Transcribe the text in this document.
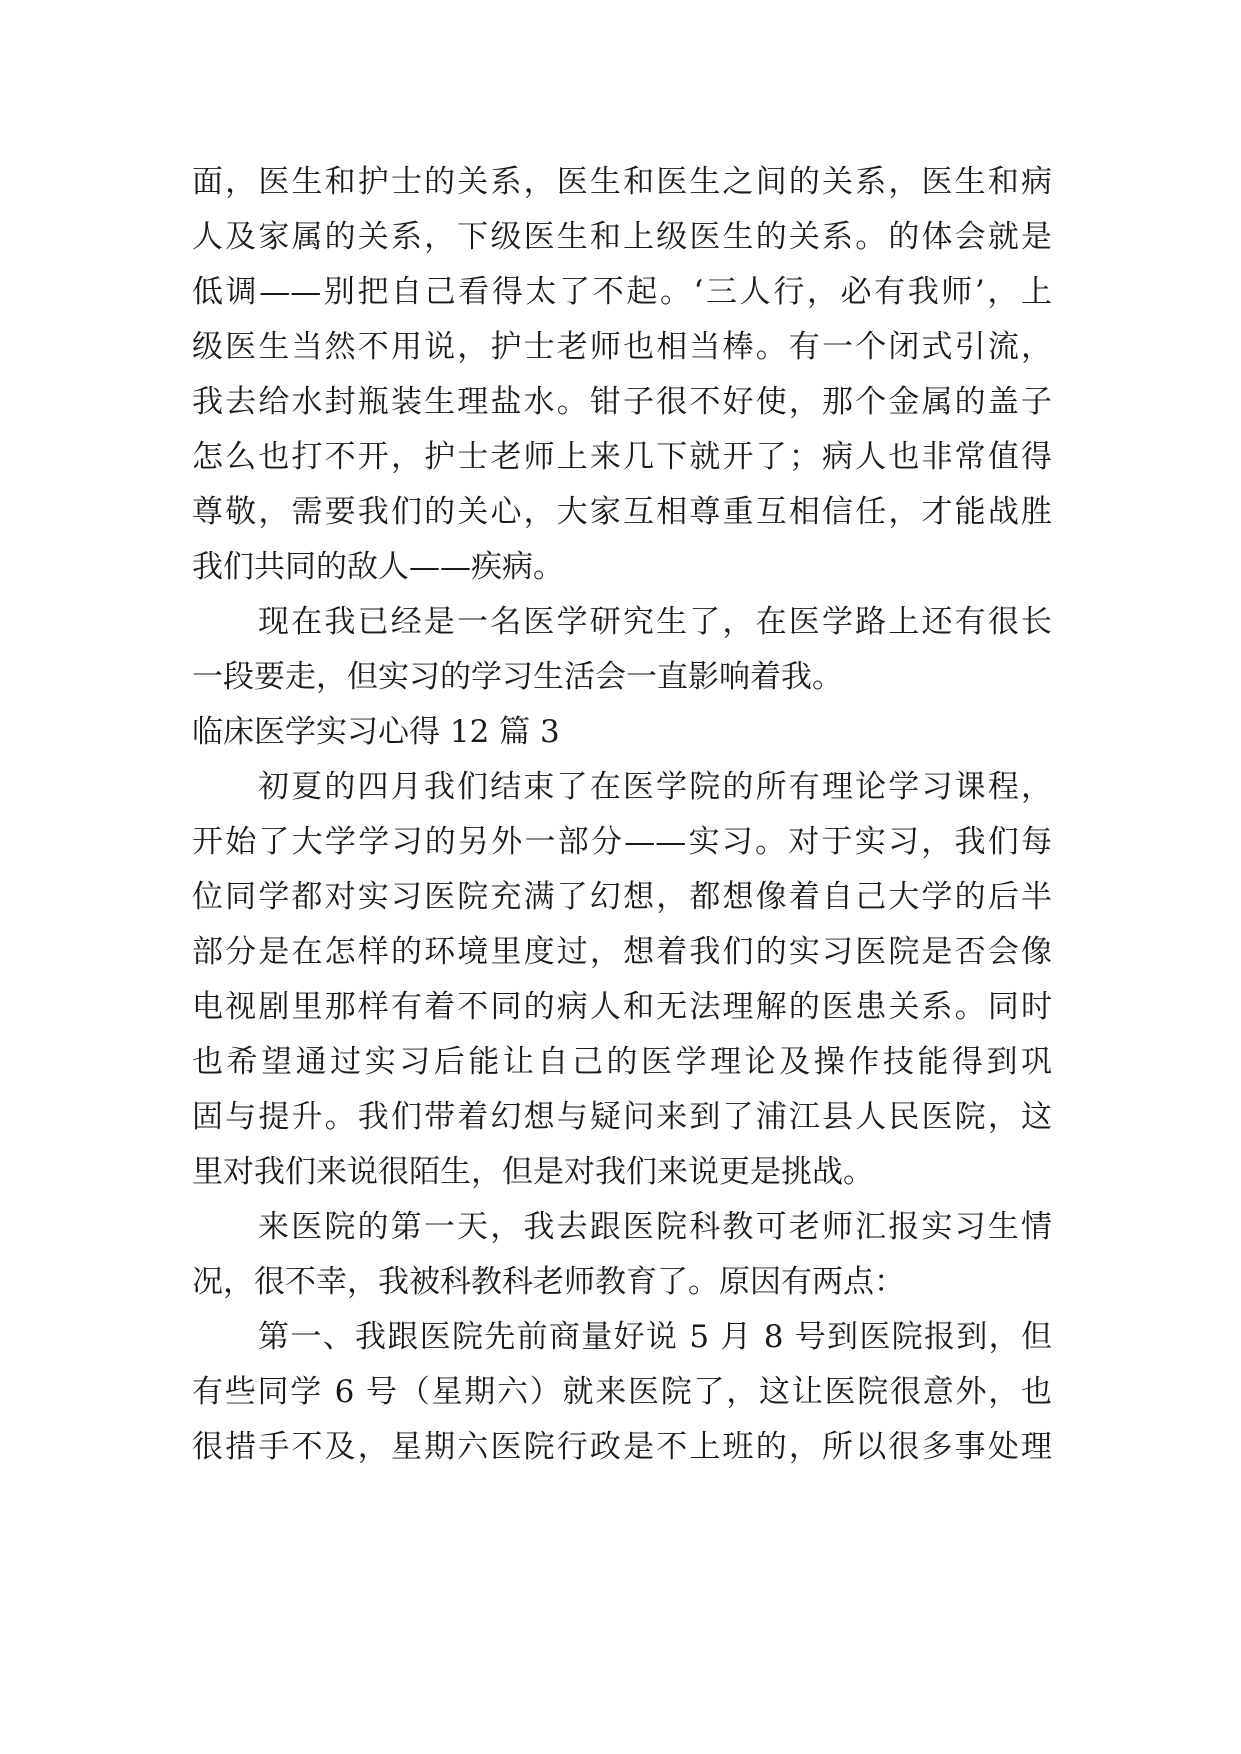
面，医生和护士的关系，医生和医生之间的关系，医生和病
人及家属的关系，下级医生和上级医生的关系。的体会就是
低调——别把自己看得太了不起。‘三人行，必有我师’，上
级医生当然不用说，护士老师也相当棒。有一个闭式引流，
我去给水封瓶装生理盐水。钳子很不好使，那个金属的盖子
怎么也打不开，护士老师上来几下就开了；病人也非常值得
尊敬，需要我们的关心，大家互相尊重互相信任，才能战胜
我们共同的敌人——疾病。
现在我已经是一名医学研究生了，在医学路上还有很长
一段要走，但实习的学习生活会一直影响着我。
临床医学实习心得 12 篇 3
初夏的四月我们结束了在医学院的所有理论学习课程，
开始了大学学习的另外一部分——实习。对于实习，我们每
位同学都对实习医院充满了幻想，都想像着自己大学的后半
部分是在怎样的环境里度过，想着我们的实习医院是否会像
电视剧里那样有着不同的病人和无法理解的医患关系。同时
也希望通过实习后能让自己的医学理论及操作技能得到巩
固与提升。我们带着幻想与疑问来到了浦江县人民医院，这
里对我们来说很陌生，但是对我们来说更是挑战。
来医院的第一天，我去跟医院科教可老师汇报实习生情
况，很不幸，我被科教科老师教育了。原因有两点：
第一、我跟医院先前商量好说 5 月 8 号到医院报到，但
有些同学 6 号（星期六）就来医院了，这让医院很意外，也
很措手不及，星期六医院行政是不上班的，所以很多事处理
